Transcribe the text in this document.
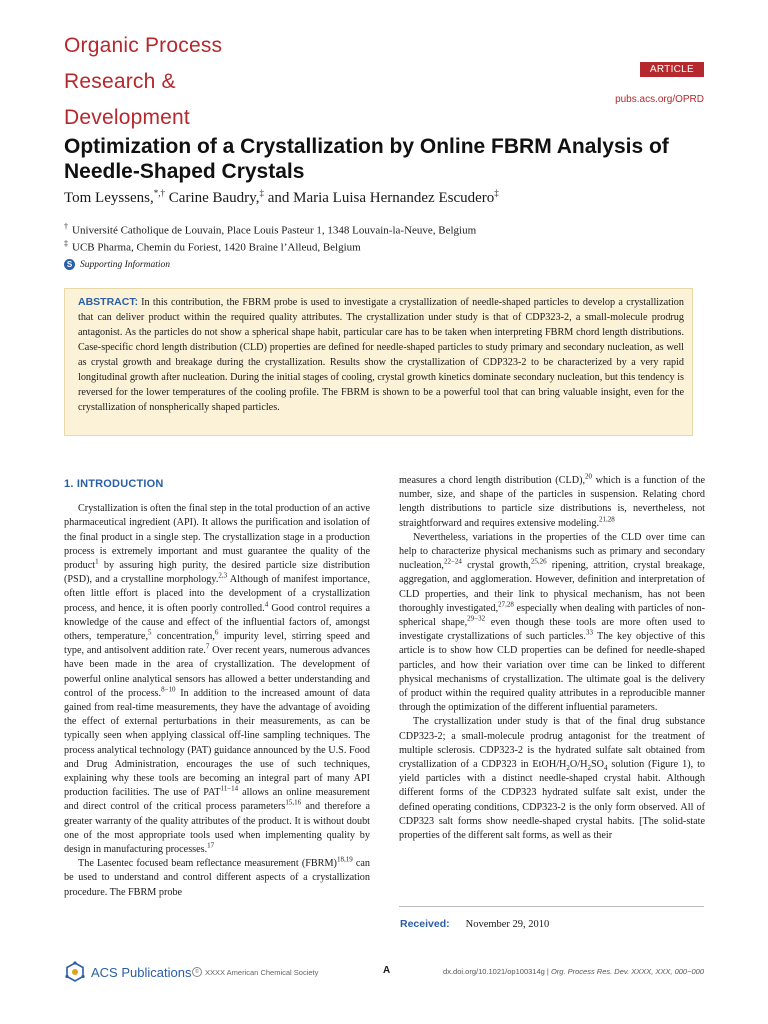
Organic Process
Research &
Development
ARTICLE
pubs.acs.org/OPRD
Optimization of a Crystallization by Online FBRM Analysis of Needle-Shaped Crystals
Tom Leyssens,*,† Carine Baudry,‡ and Maria Luisa Hernandez Escudero‡
† Université Catholique de Louvain, Place Louis Pasteur 1, 1348 Louvain-la-Neuve, Belgium
‡ UCB Pharma, Chemin du Foriest, 1420 Braine l’Alleud, Belgium
S Supporting Information
ABSTRACT: In this contribution, the FBRM probe is used to investigate a crystallization of needle-shaped particles to develop a crystallization that can deliver product within the required quality attributes. The crystallization under study is that of CDP323-2, a small-molecule prodrug antagonist. As the particles do not show a spherical shape habit, particular care has to be taken when interpreting FBRM chord length distributions. Case-specific chord length distribution (CLD) properties are defined for needle-shaped particles to study primary and secondary nucleation, as well as crystal growth and breakage during the crystallization. Results show the crystallization of CDP323-2 to be characterized by a very rapid longitudinal growth after nucleation. During the initial stages of cooling, crystal growth kinetics dominate secondary nucleation, but this tendency is reversed for the lower temperatures of the cooling profile. The FBRM is shown to be a powerful tool that can bring valuable insight, even for the crystallization of nonspherically shaped particles.
1. INTRODUCTION

Crystallization is often the final step in the total production of an active pharmaceutical ingredient (API). It allows the purification and isolation of the final product in a single step. The crystallization stage in a production process is extremely important and must guarantee the quality of the product$^1$ by assuring high purity, the desired particle size distribution (PSD), and a crystalline morphology.$^{2,3}$ Although of manifest importance, often little effort is placed into the development of a crystallization process, and hence, it is often poorly controlled.$^4$ Good control requires a knowledge of the cause and effect of the influential factors of, amongst others, temperature,$^5$ concentration,$^6$ impurity level, stirring speed and type, and antisolvent addition rate.$^7$ Over recent years, numerous advances have been made in the area of crystallization. The development of powerful online analytical sensors has allowed a better understanding and control of the process.$^{8-10}$ In addition to the increased amount of data gained from real-time measurements, they have the advantage of avoiding the effect of external perturbations in their measurements, as can be typically seen when applying classical off-line sampling techniques. The process analytical technology (PAT) guidance announced by the U.S. Food and Drug Administration, encourages the use of such techniques, explaining why these tools are becoming an integral part of many API production facilities. The use of $PAT^{11-14}$ allows an online measurement and direct control of the critical process parameters$^{15,16}$ and therefore a greater warranty of the quality attributes of the product. It is without doubt one of the most appropriate tools used when implementing quality by design in manufacturing processes.$^{17}$

The Lasentec focused beam reflectance measurement (FBRM)$^{18,19}$ can be used to understand and control different aspects of a crystallization procedure. The FBRM probe

measures a chord length distribution (CLD),$^{20}$ which is a function of the number, size, and shape of the particles in suspension. Relating chord length distributions to particle size distributions is, nevertheless, not straightforward and requires extensive modeling.$^{21,28}$

Nevertheless, variations in the properties of the CLD over time can help to characterize physical mechanisms such as primary and secondary nucleation,$^{22-24}$ crystal growth,$^{25,26}$ ripening, attrition, crystal breakage, aggregation, and agglomeration. However, definition and interpretation of CLD properties, and their link to physical mechanism, has not been thoroughly investigated,$^{27,28}$ especially when dealing with particles of non-spherical shape,$^{29-32}$ even though these tools are more often used to investigate crystallizations of such particles.$^{33}$ The key objective of this article is to show how CLD properties can be defined for needle-shaped particles, and how their variation over time can be linked to different physical mechanisms of crystallization. The ultimate goal is the delivery of product within the required quality attributes in a reproducible manner through the optimization of the different influential parameters.

The crystallization under study is that of the final drug substance CDP323-2; a small-molecule prodrug antagonist for the treatment of multiple sclerosis. CDP323-2 is the hydrated sulfate salt obtained from crystallization of a CDP323 in EtOH/$H_2O/H_2SO_4$ solution (Figure 1), to yield particles with a distinct needle-shaped crystal habit. Although different forms of the CDP323 hydrated sulfate salt exist, under the defined operating conditions, CDP323-2 is the only form observed. All of CDP323 salt forms show needle-shaped crystal habits. [The solid-state properties of the different salt forms, as well as their

Received: November 29, 2010
ACS Publications © XXXX American Chemical Society	A	dx.doi.org/10.1021/op100314g | Org. Process Res. Dev. XXXX, XXX, 000−000
